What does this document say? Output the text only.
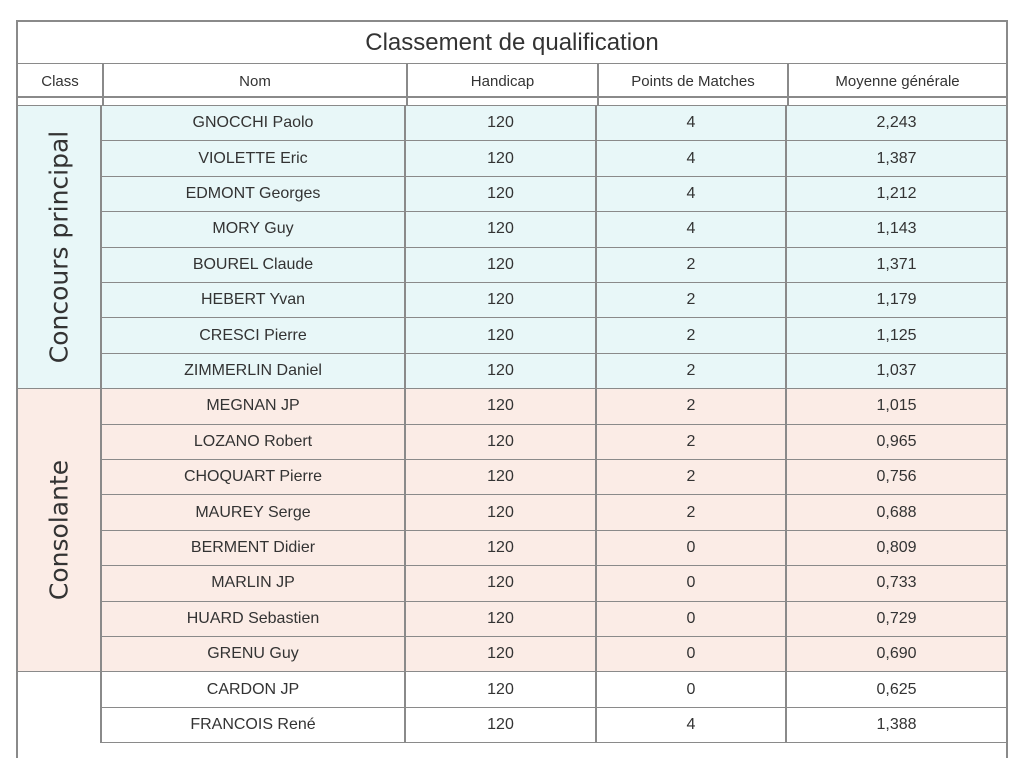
Classement de qualification
Class	Nom	Handicap	Points de Matches	Moyenne générale
Concours principal
GNOCCHI Paolo	120	4	2,243
VIOLETTE Eric	120	4	1,387
EDMONT Georges	120	4	1,212
MORY Guy	120	4	1,143
BOUREL Claude	120	2	1,371
HEBERT Yvan	120	2	1,179
CRESCI Pierre	120	2	1,125
ZIMMERLIN Daniel	120	2	1,037
Consolante
MEGNAN JP	120	2	1,015
LOZANO Robert	120	2	0,965
CHOQUART Pierre	120	2	0,756
MAUREY Serge	120	2	0,688
BERMENT Didier	120	0	0,809
MARLIN JP	120	0	0,733
HUARD Sebastien	120	0	0,729
GRENU Guy	120	0	0,690
CARDON JP	120	0	0,625
FRANCOIS René	120	4	1,388
